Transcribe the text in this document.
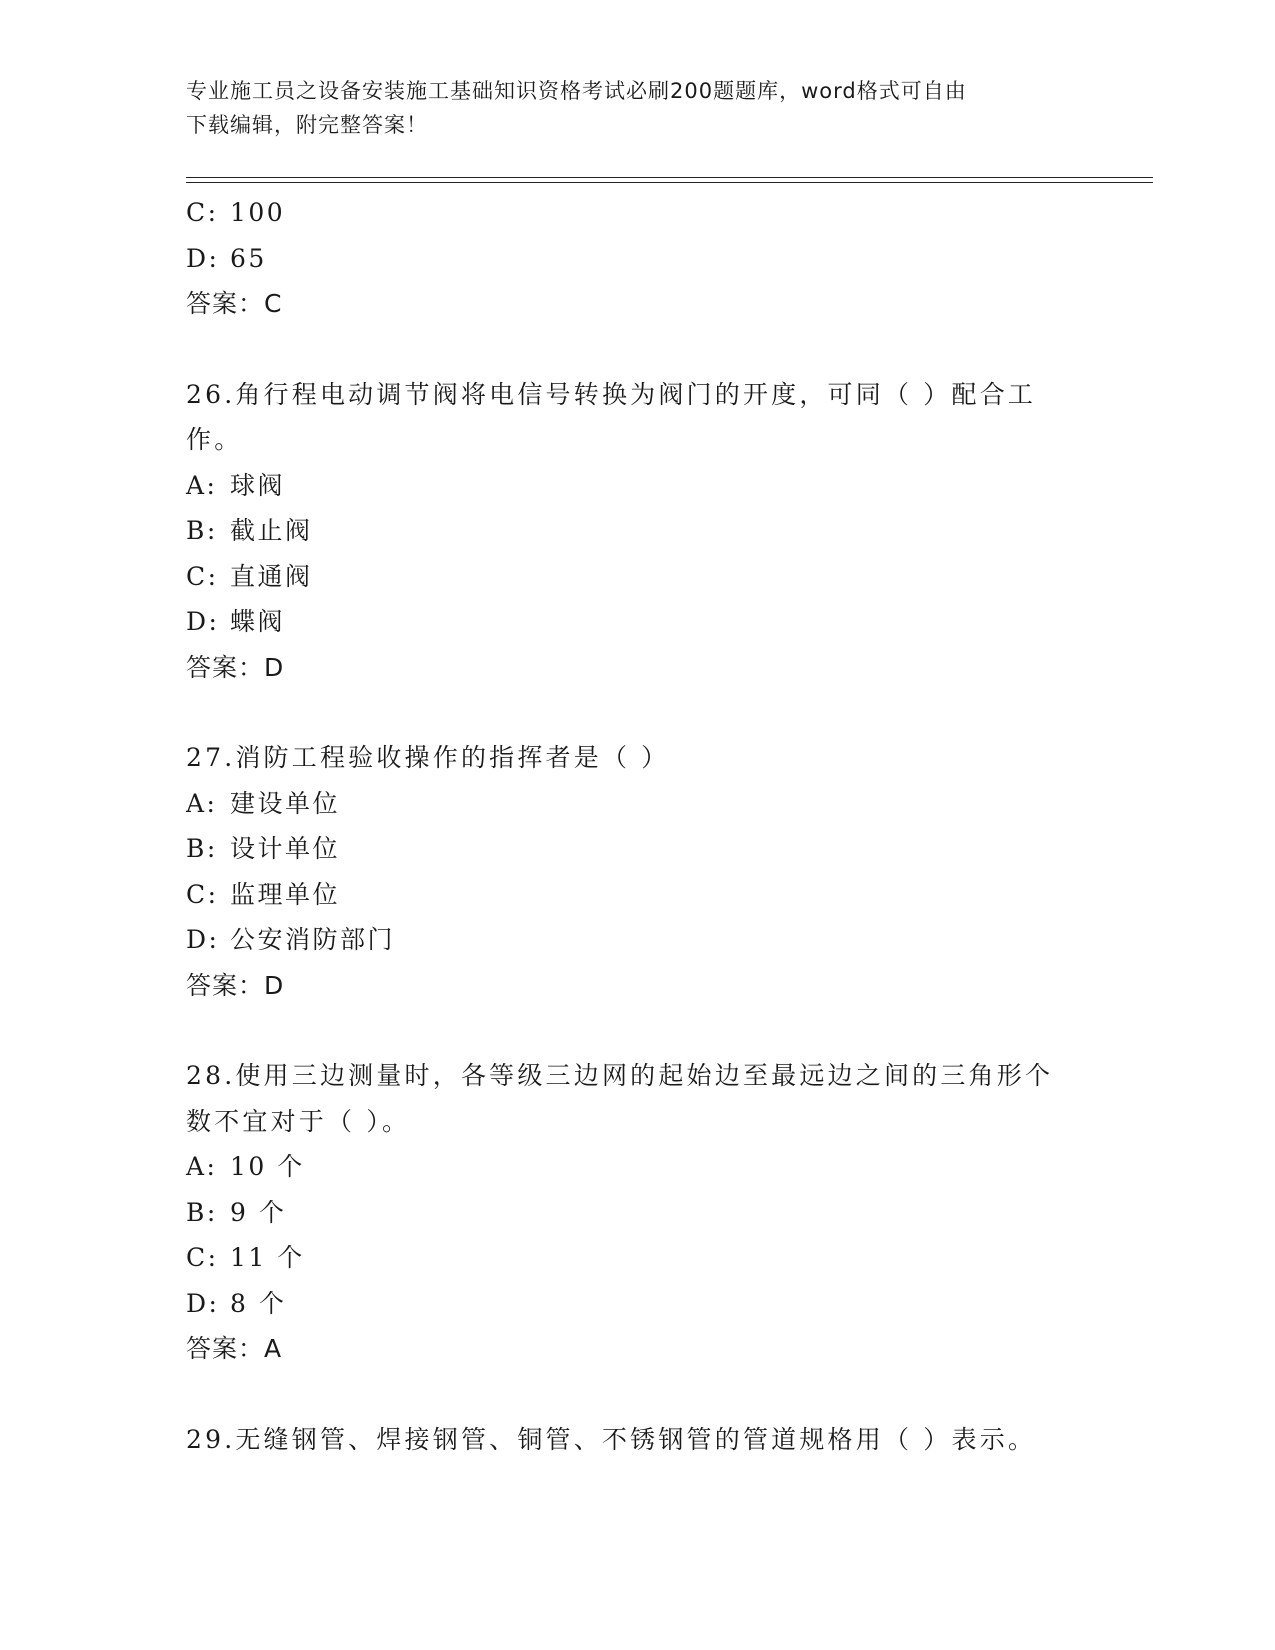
专业施工员之设备安装施工基础知识资格考试必刷200题题库，word格式可自由
下载编辑，附完整答案！
C: 100
D: 65
答案：C
26.角行程电动调节阀将电信号转换为阀门的开度，可同（ ）配合工
作。
A: 球阀
B: 截止阀
C: 直通阀
D: 蝶阀
答案：D
27.消防工程验收操作的指挥者是（ ）
A: 建设单位
B: 设计单位
C: 监理单位
D: 公安消防部门
答案：D
28.使用三边测量时，各等级三边网的起始边至最远边之间的三角形个
数不宜对于（ ）。
A: 10 个
B: 9 个
C: 11 个
D: 8 个
答案：A
29.无缝钢管、焊接钢管、铜管、不锈钢管的管道规格用（ ）表示。
